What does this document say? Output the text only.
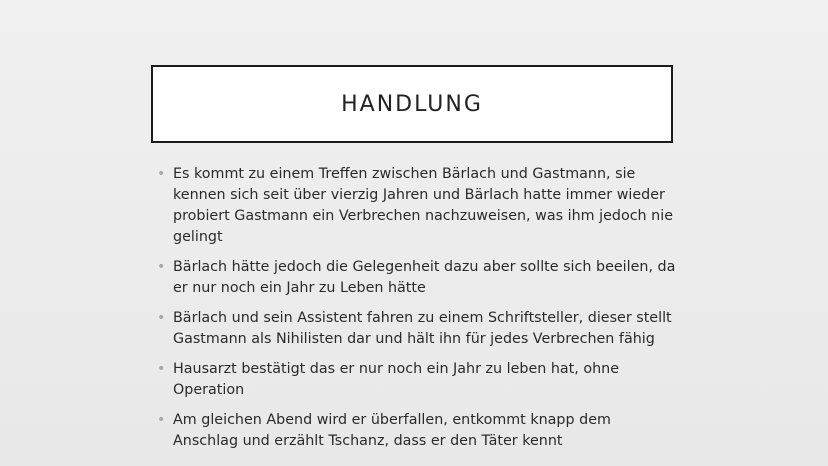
HANDLUNG
• Es kommt zu einem Treffen zwischen Bärlach und Gastmann, sie kennen sich seit über vierzig Jahren und Bärlach hatte immer wieder probiert Gastmann ein Verbrechen nachzuweisen, was ihm jedoch nie gelingt
• Bärlach hätte jedoch die Gelegenheit dazu aber sollte sich beeilen, da er nur noch ein Jahr zu Leben hätte
• Bärlach und sein Assistent fahren zu einem Schriftsteller, dieser stellt Gastmann als Nihilisten dar und hält ihn für jedes Verbrechen fähig
• Hausarzt bestätigt das er nur noch ein Jahr zu leben hat, ohne Operation
• Am gleichen Abend wird er überfallen, entkommt knapp dem Anschlag und erzählt Tschanz, dass er den Täter kennt
